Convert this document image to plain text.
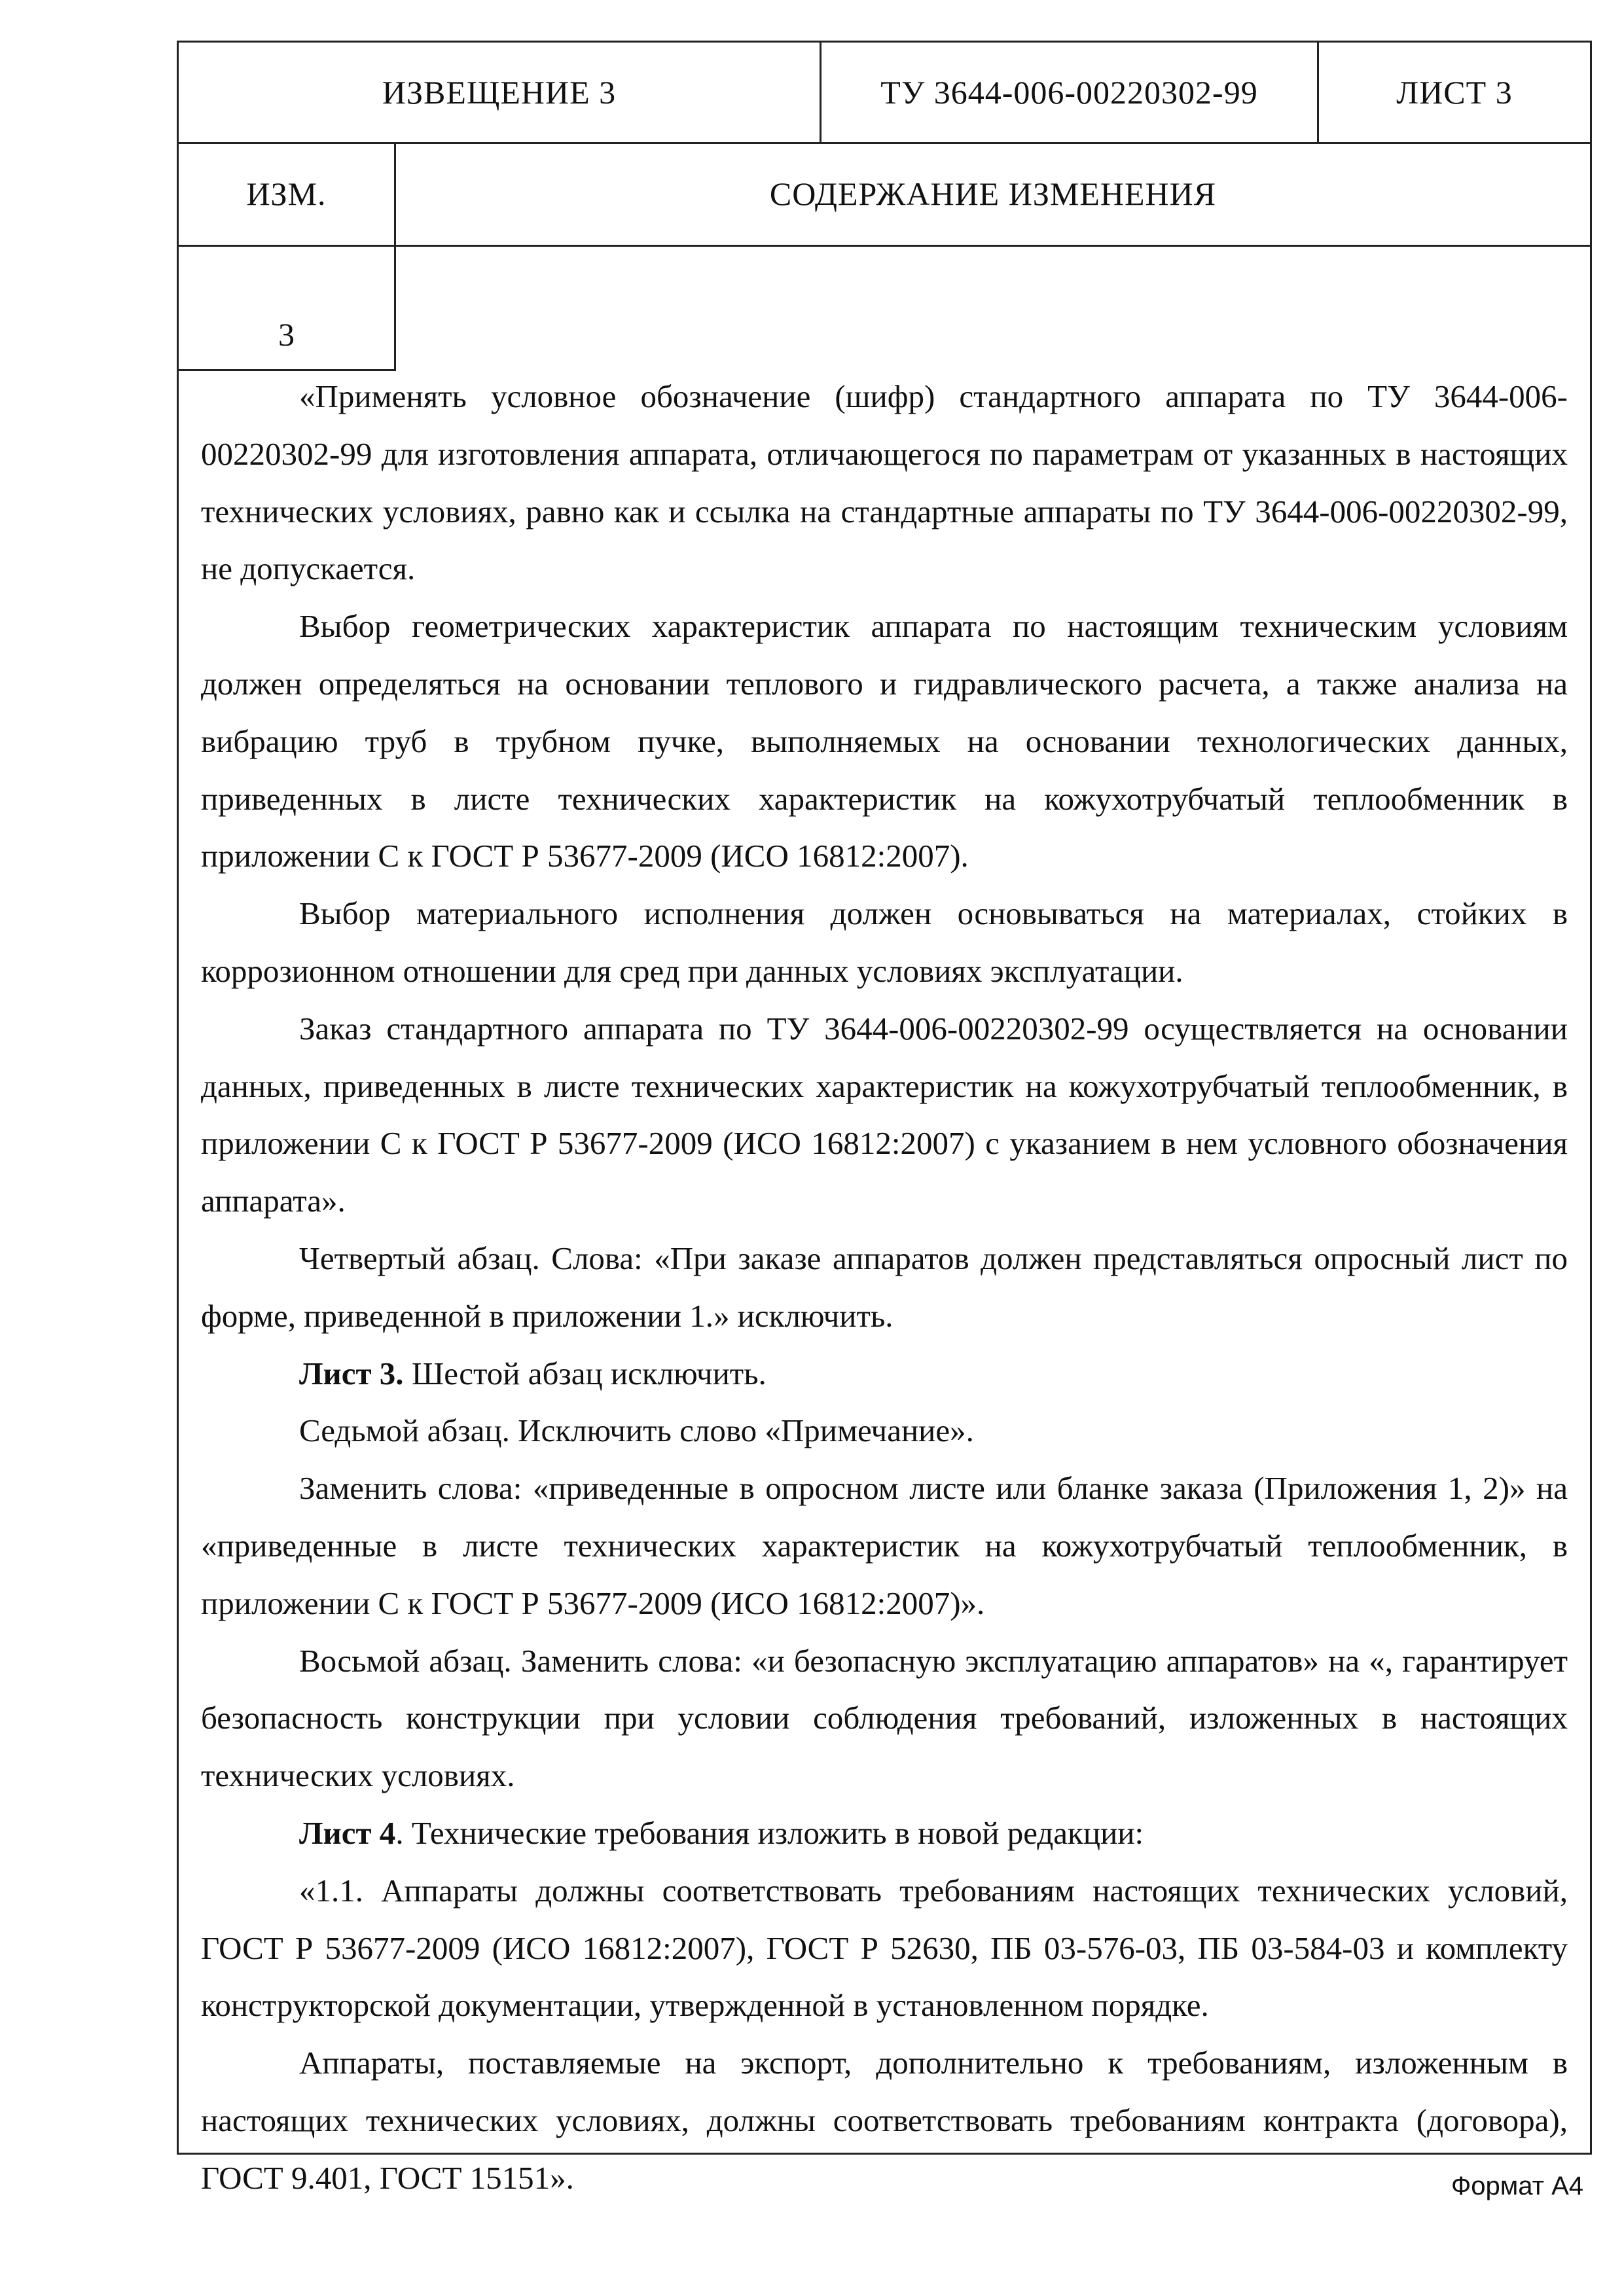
ИЗВЕЩЕНИЕ 3	ТУ 3644-006-00220302-99	ЛИСТ 3
ИЗМ.	СОДЕРЖАНИЕ ИЗМЕНЕНИЯ
3

«Применять условное обозначение (шифр) стандартного аппарата по ТУ 3644-006-00220302-99 для изготовления аппарата, отличающегося по параметрам от указанных в настоящих технических условиях, равно как и ссылка на стандартные аппараты по ТУ 3644-006-00220302-99, не допускается.

Выбор геометрических характеристик аппарата по настоящим техническим условиям должен определяться на основании теплового и гидравлического расчета, а также анализа на вибрацию труб в трубном пучке, выполняемых на основании технологических данных, приведенных в листе технических характеристик на кожухотрубчатый теплообменник в приложении С к ГОСТ Р 53677-2009 (ИСО 16812:2007).

Выбор материального исполнения должен основываться на материалах, стойких в коррозионном отношении для сред при данных условиях эксплуатации.

Заказ стандартного аппарата по ТУ 3644-006-00220302-99 осуществляется на основании данных, приведенных в листе технических характеристик на кожухотрубчатый теплообменник, в приложении С к ГОСТ Р 53677-2009 (ИСО 16812:2007) с указанием в нем условного обозначения аппарата».

Четвертый абзац. Слова: «При заказе аппаратов должен представляться опросный лист по форме, приведенной в приложении 1.» исключить.

Лист 3. Шестой абзац исключить.

Седьмой абзац. Исключить слово «Примечание».

Заменить слова: «приведенные в опросном листе или бланке заказа (Приложения 1, 2)» на «приведенные в листе технических характеристик на кожухотрубчатый теплообменник, в приложении С к ГОСТ Р 53677-2009 (ИСО 16812:2007)».

Восьмой абзац. Заменить слова: «и безопасную эксплуатацию аппаратов» на «, гарантирует безопасность конструкции при условии соблюдения требований, изложенных в настоящих технических условиях.

Лист 4. Технические требования изложить в новой редакции:

«1.1. Аппараты должны соответствовать требованиям настоящих технических условий, ГОСТ Р 53677-2009 (ИСО 16812:2007), ГОСТ Р 52630, ПБ 03-576-03, ПБ 03-584-03 и комплекту конструкторской документации, утвержденной в установленном порядке.

Аппараты, поставляемые на экспорт, дополнительно к требованиям, изложенным в настоящих технических условиях, должны соответствовать требованиям контракта (договора), ГОСТ 9.401, ГОСТ 15151».	Формат А4
